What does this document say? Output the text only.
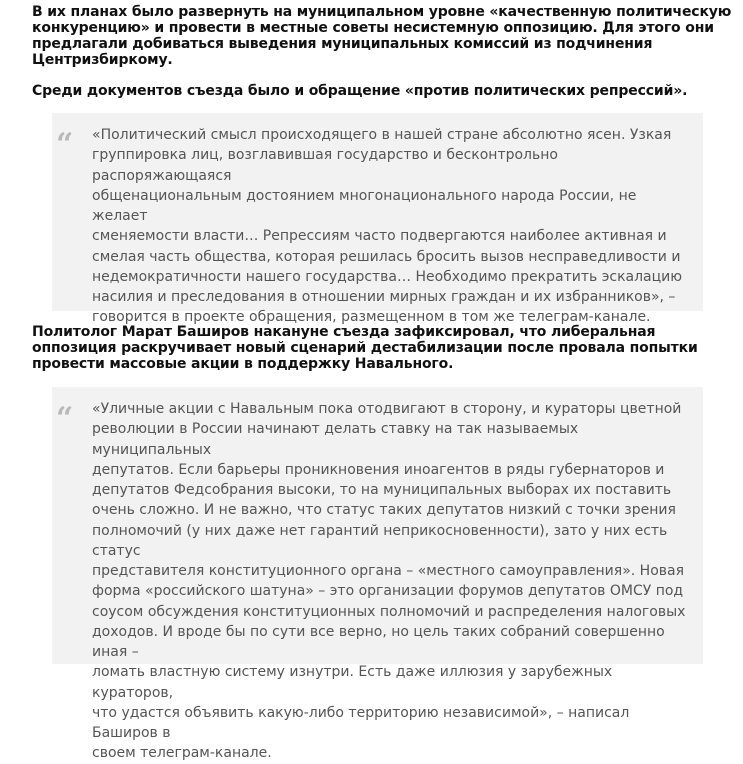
В их планах было развернуть на муниципальном уровне «качественную политическую конкуренцию» и провести в местные советы несистемную оппозицию. Для этого они предлагали добиваться выведения муниципальных комиссий из подчинения Центризбиркому.

Среди документов съезда было и обращение «против политических репрессий».

“ «Политический смысл происходящего в нашей стране абсолютно ясен. Узкая
группировка лиц, возглавившая государство и бесконтрольно распоряжающаяся
общенациональным достоянием многонационального народа России, не желает
сменяемости власти… Репрессиям часто подвергаются наиболее активная и
смелая часть общества, которая решилась бросить вызов несправедливости и
недемократичности нашего государства… Необходимо прекратить эскалацию
насилия и преследования в отношении мирных граждан и их избранников», –
говорится в проекте обращения, размещенном в том же телеграм-канале.

Политолог Марат Баширов накануне съезда зафиксировал, что либеральная оппозиция раскручивает новый сценарий дестабилизации после провала попытки провести массовые акции в поддержку Навального.

“ «Уличные акции с Навальным пока отодвигают в сторону, и кураторы цветной
революции в России начинают делать ставку на так называемых муниципальных
депутатов. Если барьеры проникновения иноагентов в ряды губернаторов и
депутатов Федсобрания высоки, то на муниципальных выборах их поставить
очень сложно. И не важно, что статус таких депутатов низкий с точки зрения
полномочий (у них даже нет гарантий неприкосновенности), зато у них есть статус
представителя конституционного органа – «местного самоуправления». Новая
форма «российского шатуна» – это организации форумов депутатов ОМСУ под
соусом обсуждения конституционных полномочий и распределения налоговых
доходов. И вроде бы по сути все верно, но цель таких собраний совершенно иная –
ломать властную систему изнутри. Есть даже иллюзия у зарубежных кураторов,
что удастся объявить какую-либо территорию независимой», – написал Баширов в
своем телеграм-канале.
